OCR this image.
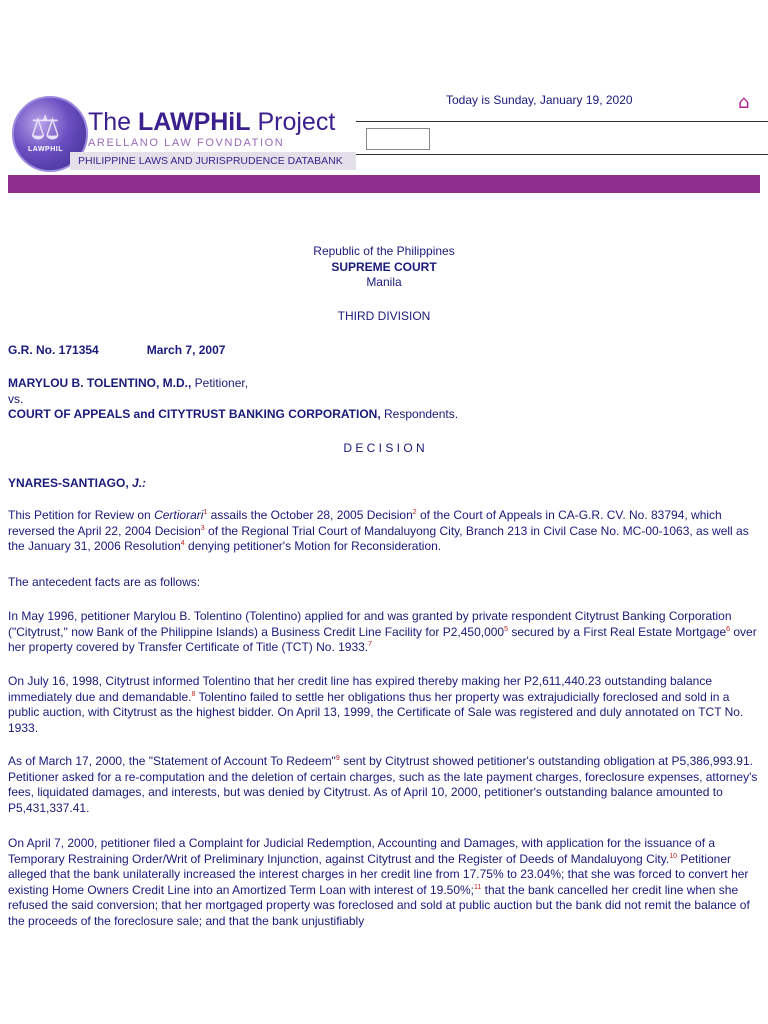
⚖
LAWPHIL
The LAWPHiL Project
ARELLANO LAW FOVNDATION
PHILIPPINE LAWS AND JURISPRUDENCE DATABANK
Today is Sunday, January 19, 2020	⌂
Republic of the Philippines
SUPREME COURT
Manila
THIRD DIVISION
G.R. No. 171354	March 7, 2007
MARYLOU B. TOLENTINO, M.D., Petitioner,
vs.
COURT OF APPEALS and CITYTRUST BANKING CORPORATION, Respondents.
D E C I S I O N
YNARES-SANTIAGO, J.:
This Petition for Review on Certiorari$^1$ assails the October 28, 2005 Decision$^2$ of the Court of Appeals in CA-G.R. CV. No. 83794, which reversed the April 22, 2004 Decision$^3$ of the Regional Trial Court of Mandaluyong City, Branch 213 in Civil Case No. MC-00-1063, as well as the January 31, 2006 Resolution$^4$ denying petitioner's Motion for Reconsideration.
The antecedent facts are as follows:
In May 1996, petitioner Marylou B. Tolentino (Tolentino) applied for and was granted by private respondent Citytrust Banking Corporation ("Citytrust," now Bank of the Philippine Islands) a Business Credit Line Facility for P2,450,000$^5$ secured by a First Real Estate Mortgage$^6$ over her property covered by Transfer Certificate of Title (TCT) No. 1933.$^7$
On July 16, 1998, Citytrust informed Tolentino that her credit line has expired thereby making her P2,611,440.23 outstanding balance immediately due and demandable.$^8$ Tolentino failed to settle her obligations thus her property was extrajudicially foreclosed and sold in a public auction, with Citytrust as the highest bidder. On April 13, 1999, the Certificate of Sale was registered and duly annotated on TCT No. 1933.
As of March 17, 2000, the "Statement of Account To Redeem"$^9$ sent by Citytrust showed petitioner's outstanding obligation at P5,386,993.91. Petitioner asked for a re-computation and the deletion of certain charges, such as the late payment charges, foreclosure expenses, attorney's fees, liquidated damages, and interests, but was denied by Citytrust. As of April 10, 2000, petitioner's outstanding balance amounted to P5,431,337.41.
On April 7, 2000, petitioner filed a Complaint for Judicial Redemption, Accounting and Damages, with application for the issuance of a Temporary Restraining Order/Writ of Preliminary Injunction, against Citytrust and the Register of Deeds of Mandaluyong City.$^{10}$ Petitioner alleged that the bank unilaterally increased the interest charges in her credit line from 17.75% to 23.04%; that she was forced to convert her existing Home Owners Credit Line into an Amortized Term Loan with interest of 19.50%;$^{11}$ that the bank cancelled her credit line when she refused the said conversion; that her mortgaged property was foreclosed and sold at public auction but the bank did not remit the balance of the proceeds of the foreclosure sale; and that the bank unjustifiably
